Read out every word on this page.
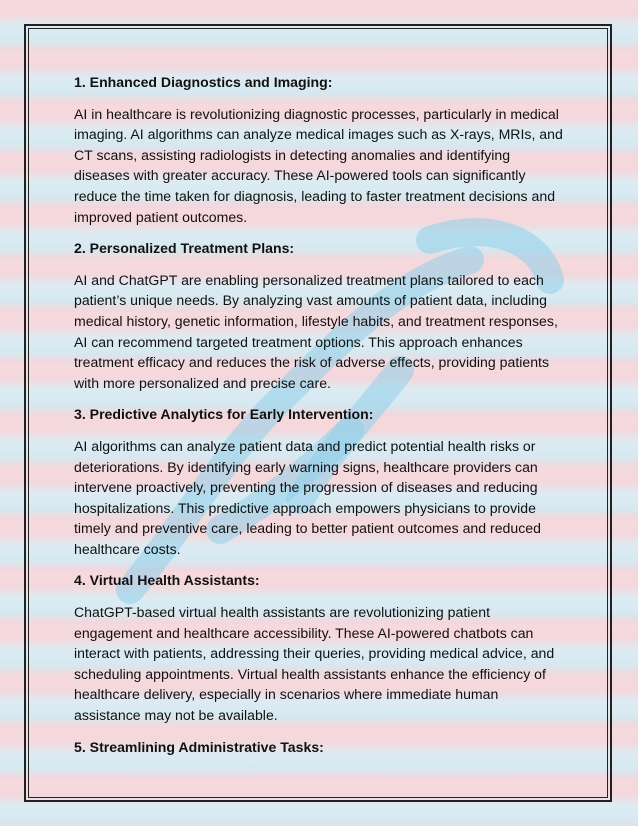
1. Enhanced Diagnostics and Imaging:

AI in healthcare is revolutionizing diagnostic processes, particularly in medical imaging. AI algorithms can analyze medical images such as X-rays, MRIs, and CT scans, assisting radiologists in detecting anomalies and identifying diseases with greater accuracy. These AI-powered tools can significantly reduce the time taken for diagnosis, leading to faster treatment decisions and improved patient outcomes.

2. Personalized Treatment Plans:

AI and ChatGPT are enabling personalized treatment plans tailored to each patient’s unique needs. By analyzing vast amounts of patient data, including medical history, genetic information, lifestyle habits, and treatment responses, AI can recommend targeted treatment options. This approach enhances treatment efficacy and reduces the risk of adverse effects, providing patients with more personalized and precise care.

3. Predictive Analytics for Early Intervention:

AI algorithms can analyze patient data and predict potential health risks or deteriorations. By identifying early warning signs, healthcare providers can intervene proactively, preventing the progression of diseases and reducing hospitalizations. This predictive approach empowers physicians to provide timely and preventive care, leading to better patient outcomes and reduced healthcare costs.

4. Virtual Health Assistants:

ChatGPT-based virtual health assistants are revolutionizing patient engagement and healthcare accessibility. These AI-powered chatbots can interact with patients, addressing their queries, providing medical advice, and scheduling appointments. Virtual health assistants enhance the efficiency of healthcare delivery, especially in scenarios where immediate human assistance may not be available.

5. Streamlining Administrative Tasks:
